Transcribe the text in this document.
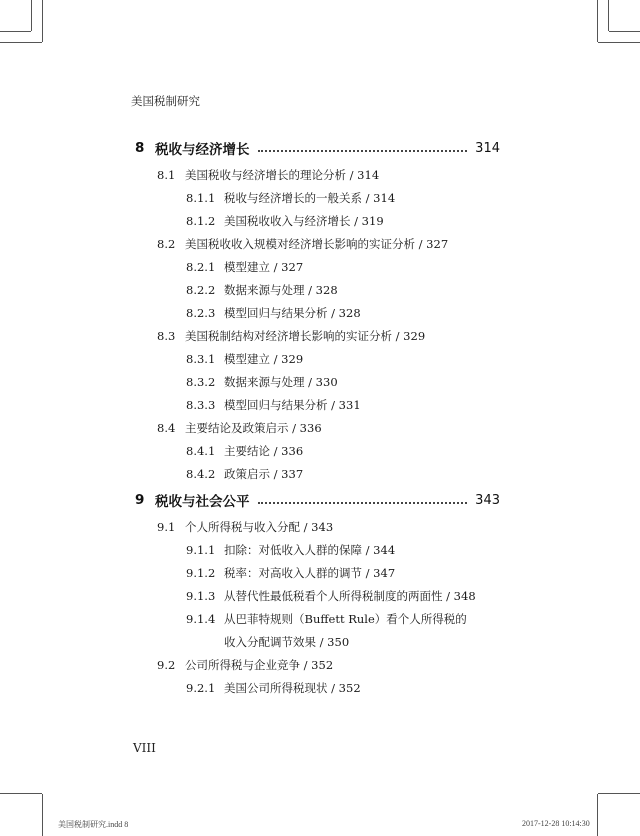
美国税制研究
8 税收与经济增长	314
8.1 美国税收与经济增长的理论分析 / 314
8.1.1 税收与经济增长的一般关系 / 314
8.1.2 美国税收收入与经济增长 / 319
8.2 美国税收收入规模对经济增长影响的实证分析 / 327
8.2.1 模型建立 / 327
8.2.2 数据来源与处理 / 328
8.2.3 模型回归与结果分析 / 328
8.3 美国税制结构对经济增长影响的实证分析 / 329
8.3.1 模型建立 / 329
8.3.2 数据来源与处理 / 330
8.3.3 模型回归与结果分析 / 331
8.4 主要结论及政策启示 / 336
8.4.1 主要结论 / 336
8.4.2 政策启示 / 337
9 税收与社会公平	343
9.1 个人所得税与收入分配 / 343
9.1.1 扣除：对低收入人群的保障 / 344
9.1.2 税率：对高收入人群的调节 / 347
9.1.3 从替代性最低税看个人所得税制度的两面性 / 348
9.1.4 从巴菲特规则（Buffett Rule）看个人所得税的
收入分配调节效果 / 350
9.2 公司所得税与企业竞争 / 352
9.2.1 美国公司所得税现状 / 352
VIII
美国税制研究.indd 8	2017-12-28 10:14:30
